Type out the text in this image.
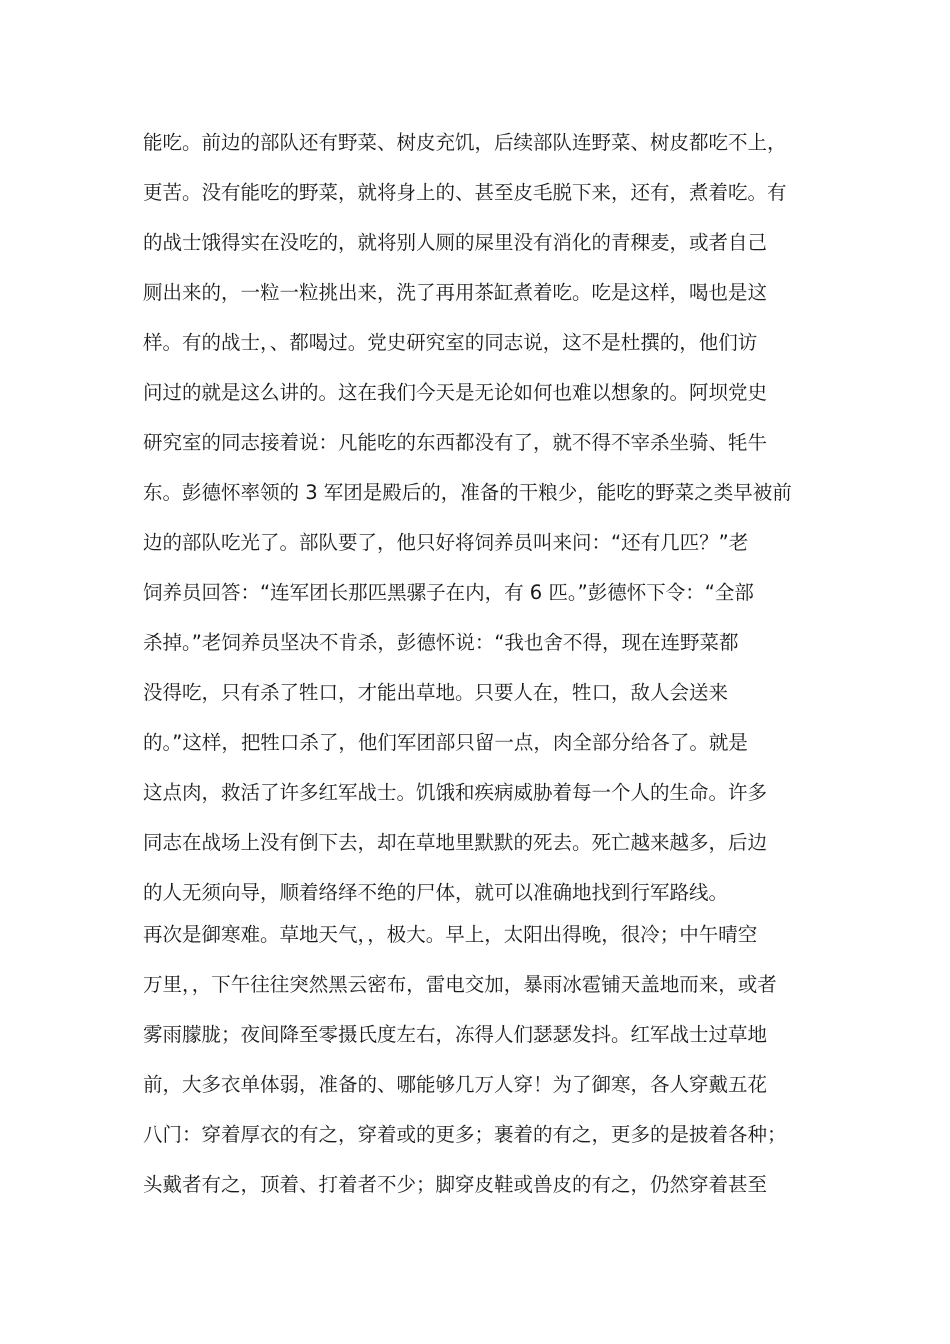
能吃。前边的部队还有野菜、树皮充饥，后续部队连野菜、树皮都吃不上，
更苦。没有能吃的野菜，就将身上的、甚至皮毛脱下来，还有，煮着吃。有
的战士饿得实在没吃的，就将别人厕的屎里没有消化的青稞麦，或者自己
厕出来的，一粒一粒挑出来，洗了再用茶缸煮着吃。吃是这样，喝也是这
样。有的战士，、都喝过。党史研究室的同志说，这不是杜撰的，他们访
问过的就是这么讲的。这在我们今天是无论如何也难以想象的。阿坝党史
研究室的同志接着说：凡能吃的东西都没有了，就不得不宰杀坐骑、牦牛
东。彭德怀率领的 3 军团是殿后的，准备的干粮少，能吃的野菜之类早被前
边的部队吃光了。部队要了，他只好将饲养员叫来问：“还有几匹？”老
饲养员回答：“连军团长那匹黑骡子在内，有 6 匹。”彭德怀下令：“全部
杀掉。”老饲养员坚决不肯杀，彭德怀说：“我也舍不得，现在连野菜都
没得吃，只有杀了牲口，才能出草地。只要人在，牲口，敌人会送来
的。”这样，把牲口杀了，他们军团部只留一点，肉全部分给各了。就是
这点肉，救活了许多红军战士。饥饿和疾病威胁着每一个人的生命。许多
同志在战场上没有倒下去，却在草地里默默的死去。死亡越来越多，后边
的人无须向导，顺着络绎不绝的尸体，就可以准确地找到行军路线。
再次是御寒难。草地天气，，极大。早上，太阳出得晚，很冷；中午晴空
万里，，下午往往突然黑云密布，雷电交加，暴雨冰雹铺天盖地而来，或者
雾雨朦胧；夜间降至零摄氏度左右，冻得人们瑟瑟发抖。红军战士过草地
前，大多衣单体弱，准备的、哪能够几万人穿！为了御寒，各人穿戴五花
八门：穿着厚衣的有之，穿着或的更多；裹着的有之，更多的是披着各种；
头戴者有之，顶着、打着者不少；脚穿皮鞋或兽皮的有之，仍然穿着甚至
